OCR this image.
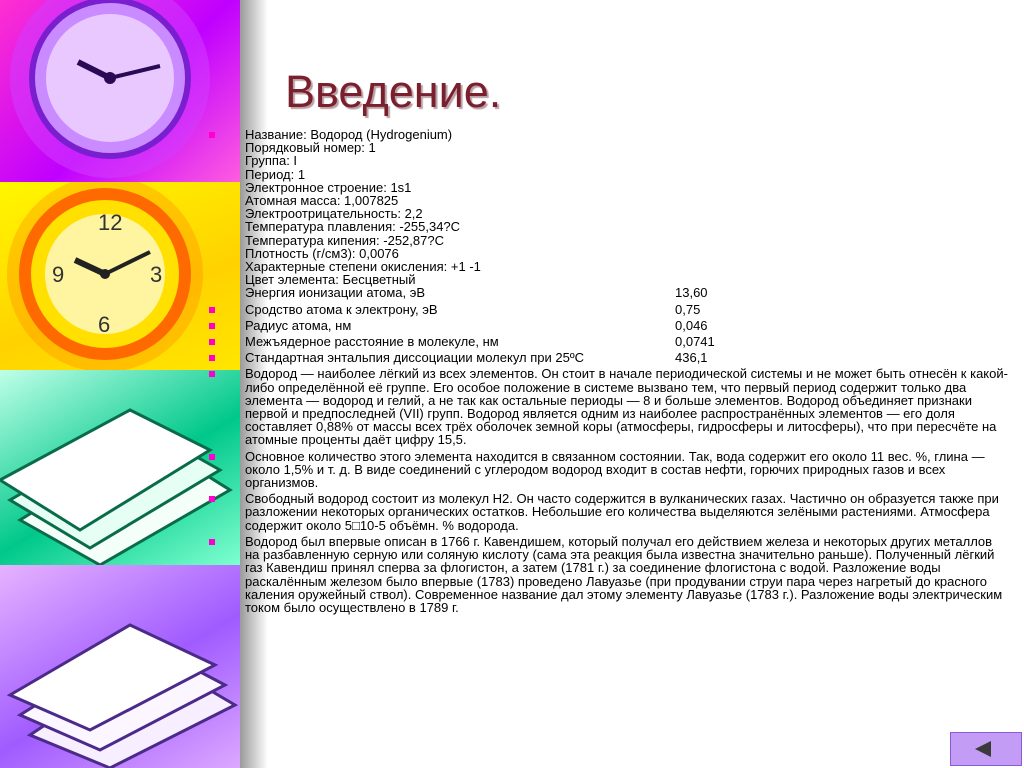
12
3
6
9
Введение.
Название: Водород (Hydrogenium)
Порядковый номер: 1
Группа: I
Период: 1
Электронное строение: 1s1
Атомная масса: 1,007825
Электроотрицательность: 2,2
Температура плавления: -255,34?С
Температура кипения: -252,87?С
Плотность (г/см3): 0,0076
Характерные степени окисления: +1 -1
Цвет элемента: Бесцветный
Энергия ионизации атома, эВ	13,60
Сродство атома к электрону, эВ	0,75
Радиус атома, нм	0,046
Межъядерное расстояние в молекуле, нм	0,0741
Стандартная энтальпия диссоциации молекул при 25ºС	436,1
Водород — наиболее лёгкий из всех элементов. Он стоит в начале периодической системы и не может быть отнесён к какой-либо определённой её группе. Его особое положение в системе вызвано тем, что первый период содержит только два элемента — водород и гелий, а не так как остальные периоды — 8 и больше элементов. Водород объединяет признаки первой и предпоследней (VII) групп. Водород является одним из наиболее распространённых элементов — его доля составляет 0,88% от массы всех трёх оболочек земной коры (атмосферы, гидросферы и литосферы), что при пересчёте на атомные проценты даёт цифру 15,5.
Основное количество этого элемента находится в связанном состоянии. Так, вода содержит его около 11 вес. %, глина — около 1,5% и т. д. В виде соединений с углеродом водород входит в состав нефти, горючих природных газов и всех организмов.
Свободный водород состоит из молекул H2. Он часто содержится в вулканических газах. Частично он образуется также при разложении некоторых органических остатков. Небольшие его количества выделяются зелёными растениями. Атмосфера содержит около 5□10-5 объёмн. % водорода.
Водород был впервые описан в 1766 г. Кавендишем, который получал его действием железа и некоторых других металлов на разбавленную серную или соляную кислоту (сама эта реакция была известна значительно раньше). Полученный лёгкий газ Кавендиш принял сперва за флогистон, а затем (1781 г.) за соединение флогистона с водой. Разложение воды раскалённым железом было впервые (1783) проведено Лавуазье (при продувании струи пара через нагретый до красного каления оружейный ствол). Современное название дал этому элементу Лавуазье (1783 г.). Разложение воды электрическим током было осуществлено в 1789 г.
